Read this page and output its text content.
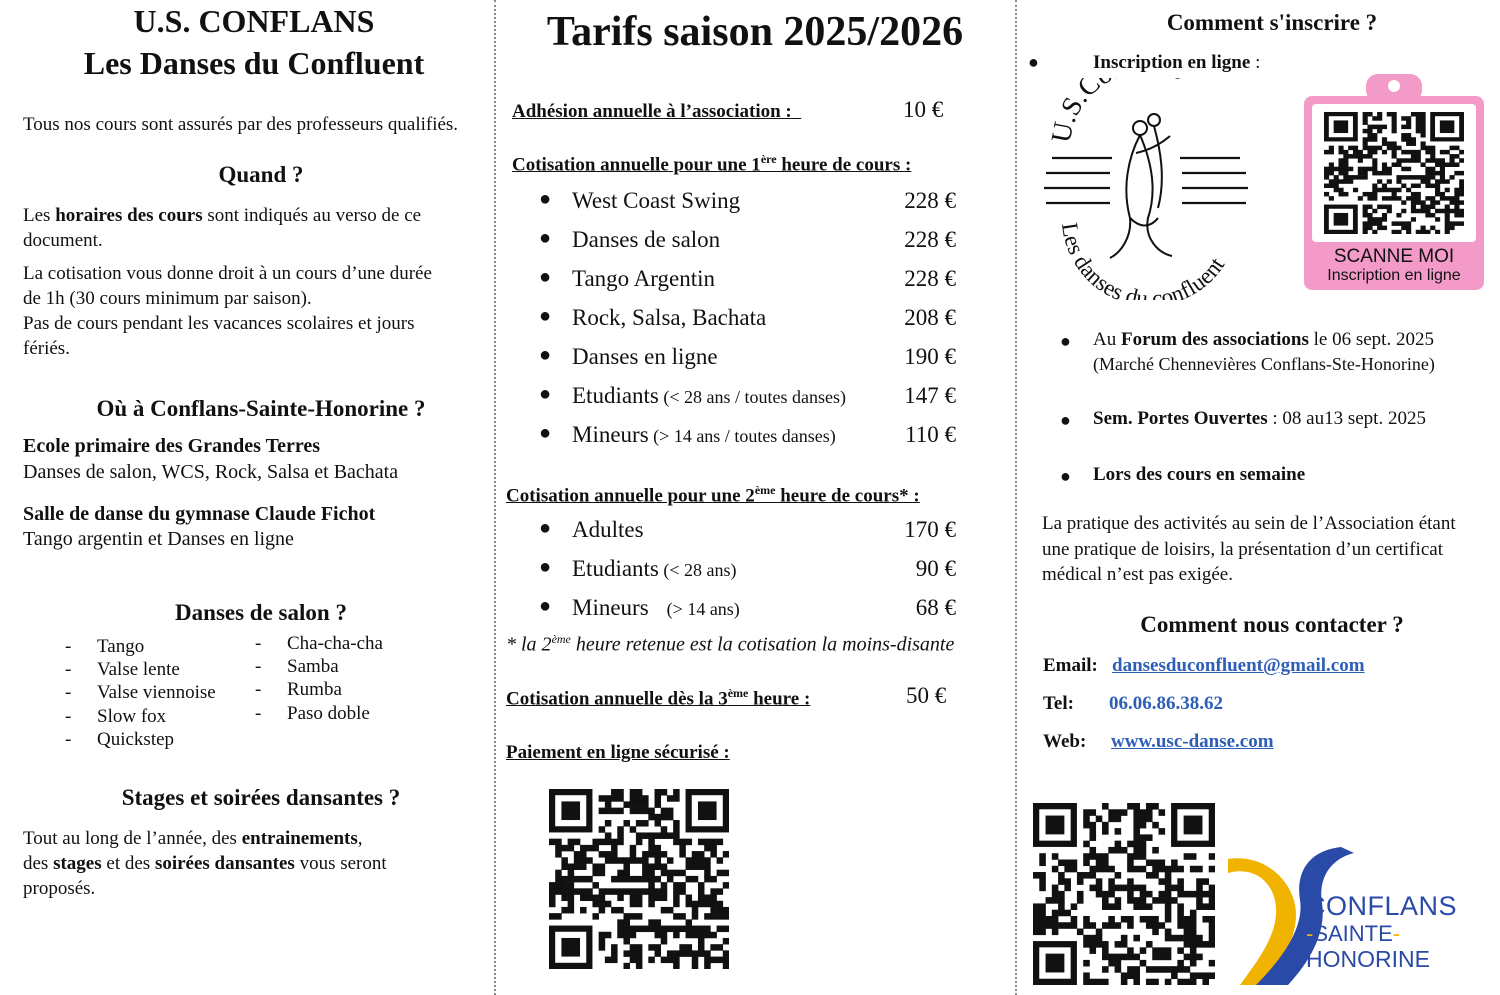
U.S. CONFLANS
Les Danses du Confluent
Tous nos cours sont assurés par des professeurs qualifiés.
Quand ?
Les horaires des cours sont indiqués au verso de ce document.
La cotisation vous donne droit à un cours d’une durée de 1h (30 cours minimum par saison).
Pas de cours pendant les vacances scolaires et jours fériés.
Où à Conflans-Sainte-Honorine ?
Ecole primaire des Grandes Terres
Danses de salon, WCS, Rock, Salsa et Bachata
Salle de danse du gymnase Claude Fichot
Tango argentin et Danses en ligne
Danses de salon ?
- Tango
- Valse lente
- Valse viennoise
- Slow fox
- Quickstep
- Cha-cha-cha
- Samba
- Rumba
- Paso doble
Stages et soirées dansantes ?
Tout au long de l’année, des entrainements,
des stages et des soirées dansantes vous seront
proposés.
Tarifs saison 2025/2026
Adhésion annuelle à l’association :	10 €
Cotisation annuelle pour une 1ère heure de cours :
● West Coast Swing	228 €
● Danses de salon	228 €
● Tango Argentin	228 €
● Rock, Salsa, Bachata	208 €
● Danses en ligne	190 €
● Etudiants (< 28 ans / toutes danses)	147 €
● Mineurs (> 14 ans / toutes danses)	110 €
Cotisation annuelle pour une 2ème heure de cours* :
● Adultes	170 €
● Etudiants (< 28 ans)	90 €
● Mineurs    (> 14 ans)	68 €
* la 2ème heure retenue est la cotisation la moins-disante
Cotisation annuelle dès la 3ème heure :	50 €
Paiement en ligne sécurisé :
Comment s'inscrire ?
●	Inscription en ligne :
U.S.C
Les danses du confluent	SCANNE MOI
Inscription en ligne
● Au Forum des associations le 06 sept. 2025
(Marché Chennevières Conflans-Ste-Honorine)
● Sem. Portes Ouvertes : 08 au13 sept. 2025
● Lors des cours en semaine
La pratique des activités au sein de l’Association étant une pratique de loisirs, la présentation d’un certificat médical n’est pas exigée.
Comment nous contacter ?
Email: dansesduconfluent@gmail.com
Tel: 06.06.86.38.62
Web: www.usc-danse.com
CONFLANS
-SAINTE-
HONORINE
